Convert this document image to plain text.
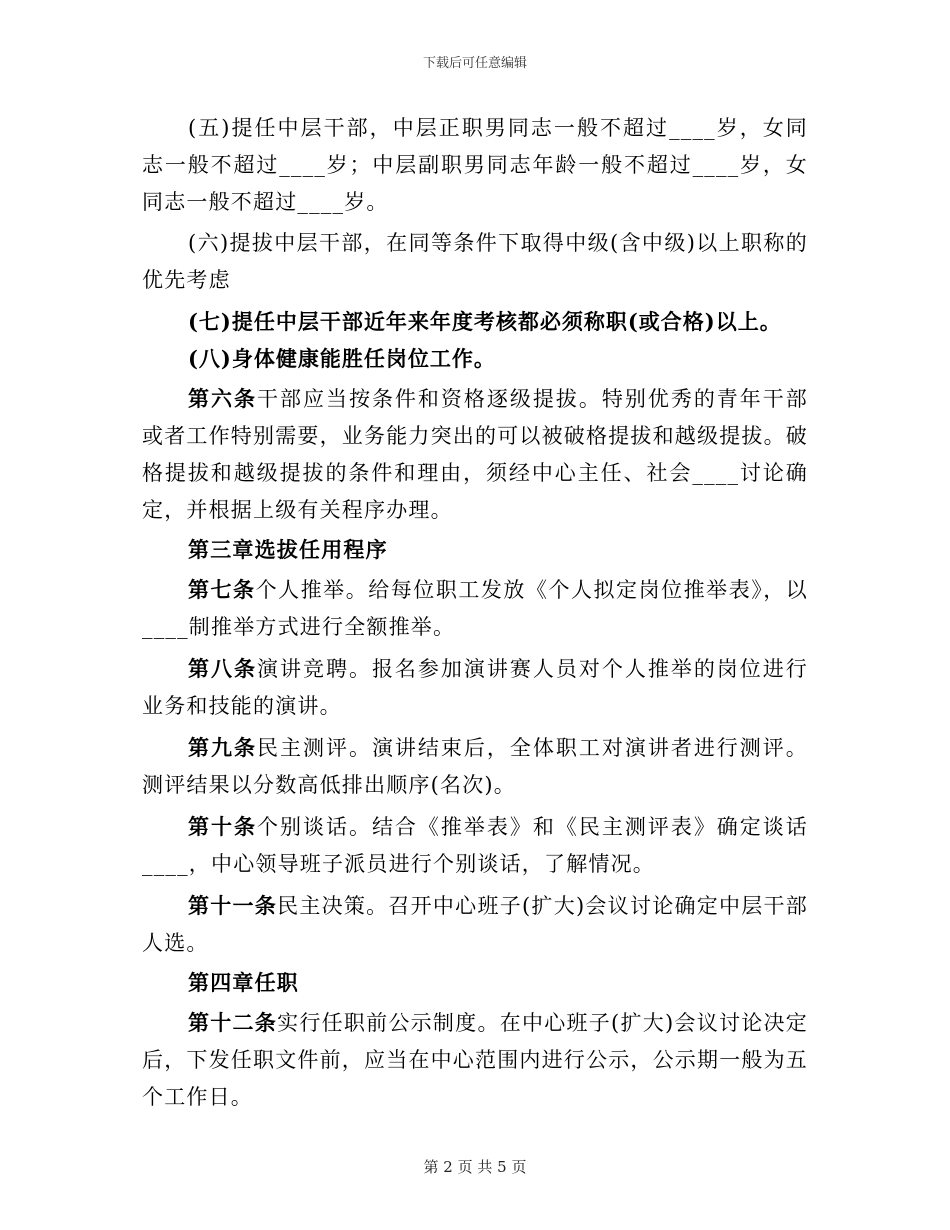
下载后可任意编辑

(五)提任中层干部，中层正职男同志一般不超过____岁，女同志一般不超过____岁；中层副职男同志年龄一般不超过____岁，女同志一般不超过____岁。

(六)提拔中层干部，在同等条件下取得中级(含中级)以上职称的优先考虑

(七)提任中层干部近年来年度考核都必须称职(或合格)以上。

(八)身体健康能胜任岗位工作。

第六条干部应当按条件和资格逐级提拔。特别优秀的青年干部或者工作特别需要，业务能力突出的可以被破格提拔和越级提拔。破格提拔和越级提拔的条件和理由，须经中心主任、社会____讨论确定，并根据上级有关程序办理。

第三章选拔任用程序

第七条个人推举。给每位职工发放《个人拟定岗位推举表》，以____制推举方式进行全额推举。

第八条演讲竞聘。报名参加演讲赛人员对个人推举的岗位进行业务和技能的演讲。

第九条民主测评。演讲结束后，全体职工对演讲者进行测评。测评结果以分数高低排出顺序(名次)。

第十条个别谈话。结合《推举表》和《民主测评表》确定谈话____，中心领导班子派员进行个别谈话，了解情况。

第十一条民主决策。召开中心班子(扩大)会议讨论确定中层干部人选。

第四章任职

第十二条实行任职前公示制度。在中心班子(扩大)会议讨论决定后，下发任职文件前，应当在中心范围内进行公示，公示期一般为五个工作日。

第 2 页 共 5 页
